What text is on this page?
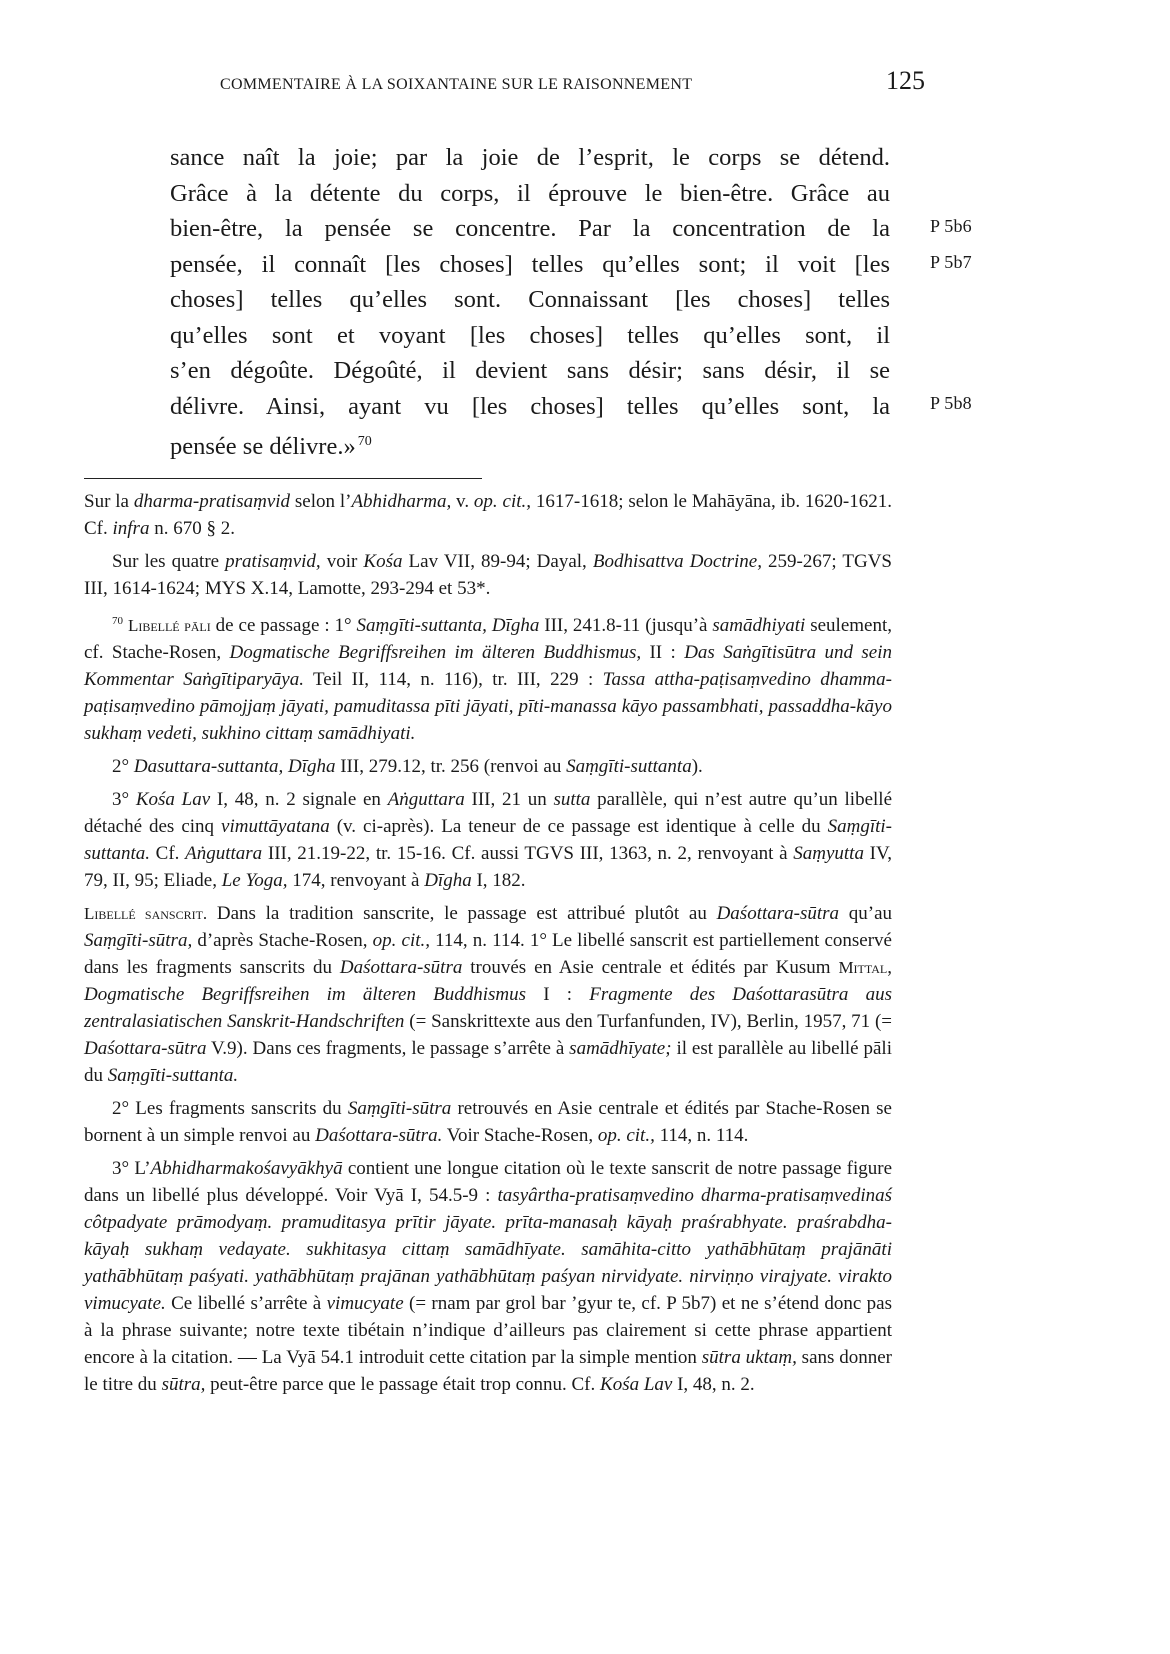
COMMENTAIRE À LA SOIXANTAINE SUR LE RAISONNEMENT	125
sance naît la joie; par la joie de l’esprit, le corps se détend.
Grâce à la détente du corps, il éprouve le bien-être. Grâce au
bien-être, la pensée se concentre. Par la concentration de la
pensée, il connaît [les choses] telles qu’elles sont; il voit [les
choses] telles qu’elles sont. Connaissant [les choses] telles
qu’elles sont et voyant [les choses] telles qu’elles sont, il
s’en dégoûte. Dégoûté, il devient sans désir; sans désir, il se
délivre. Ainsi, ayant vu [les choses] telles qu’elles sont, la
pensée se délivre.» $^{70}$
P 5b6
P 5b7
P 5b8

Sur la dharma-pratisaṃvid selon l’Abhidharma, v. op. cit., 1617-1618; selon le Mahāyāna, ib. 1620-1621. Cf. infra n. 670 § 2.

Sur les quatre pratisaṃvid, voir Kośa Lav VII, 89-94; Dayal, Bodhisattva Doctrine, 259-267; TGVS III, 1614-1624; MYS X.14, Lamotte, 293-294 et 53*.

$^{70}$ Libellé pāli de ce passage : 1° Saṃgīti-suttanta, Dīgha III, 241.8-11 (jusqu’à samādhiyati seulement, cf. Stache-Rosen, Dogmatische Begriffsreihen im älteren Buddhismus, II : Das Saṅgītisūtra und sein Kommentar Saṅgītiparyāya. Teil II, 114, n. 116), tr. III, 229 : Tassa attha-paṭisaṃvedino dhamma-paṭisaṃvedino pāmojjaṃ jāyati, pamuditassa pīti jāyati, pīti-manassa kāyo passambhati, passaddha-kāyo sukhaṃ vedeti, sukhino cittaṃ samādhiyati.

2° Dasuttara-suttanta, Dīgha III, 279.12, tr. 256 (renvoi au Saṃgīti-suttanta).

3° Kośa Lav I, 48, n. 2 signale en Aṅguttara III, 21 un sutta parallèle, qui n’est autre qu’un libellé détaché des cinq vimuttāyatana (v. ci-après). La teneur de ce passage est identique à celle du Saṃgīti-suttanta. Cf. Aṅguttara III, 21.19-22, tr. 15-16. Cf. aussi TGVS III, 1363, n. 2, renvoyant à Saṃyutta IV, 79, II, 95; Eliade, Le Yoga, 174, renvoyant à Dīgha I, 182.

Libellé sanscrit. Dans la tradition sanscrite, le passage est attribué plutôt au Daśottara-sūtra qu’au Saṃgīti-sūtra, d’après Stache-Rosen, op. cit., 114, n. 114. 1° Le libellé sanscrit est partiellement conservé dans les fragments sanscrits du Daśottara-sūtra trouvés en Asie centrale et édités par Kusum Mittal, Dogmatische Begriffsreihen im älteren Buddhismus I : Fragmente des Daśottarasūtra aus zentralasiatischen Sanskrit-Handschriften (= Sanskrittexte aus den Turfanfunden, IV), Berlin, 1957, 71 (= Daśottara-sūtra V.9). Dans ces fragments, le passage s’arrête à samādhīyate; il est parallèle au libellé pāli du Saṃgīti-suttanta.

2° Les fragments sanscrits du Saṃgīti-sūtra retrouvés en Asie centrale et édités par Stache-Rosen se bornent à un simple renvoi au Daśottara-sūtra. Voir Stache-Rosen, op. cit., 114, n. 114.

3° L’Abhidharmakośavyākhyā contient une longue citation où le texte sanscrit de notre passage figure dans un libellé plus développé. Voir Vyā I, 54.5-9 : tasyârtha-pratisaṃvedino dharma-pratisaṃvedinaś côtpadyate prāmodyaṃ. pramuditasya prītir jāyate. prīta-manasaḥ kāyaḥ praśrabhyate. praśrabdha-kāyaḥ sukhaṃ vedayate. sukhitasya cittaṃ samādhīyate. samāhita-citto yathābhūtaṃ prajānāti yathābhūtaṃ paśyati. yathābhūtaṃ prajānan yathābhūtaṃ paśyan nirvidyate. nirviṇṇo virajyate. virakto vimucyate. Ce libellé s’arrête à vimucyate (= rnam par grol bar ’gyur te, cf. P 5b7) et ne s’étend donc pas à la phrase suivante; notre texte tibétain n’indique d’ailleurs pas clairement si cette phrase appartient encore à la citation. — La Vyā 54.1 introduit cette citation par la simple mention sūtra uktaṃ, sans donner le titre du sūtra, peut-être parce que le passage était trop connu. Cf. Kośa Lav I, 48, n. 2.
